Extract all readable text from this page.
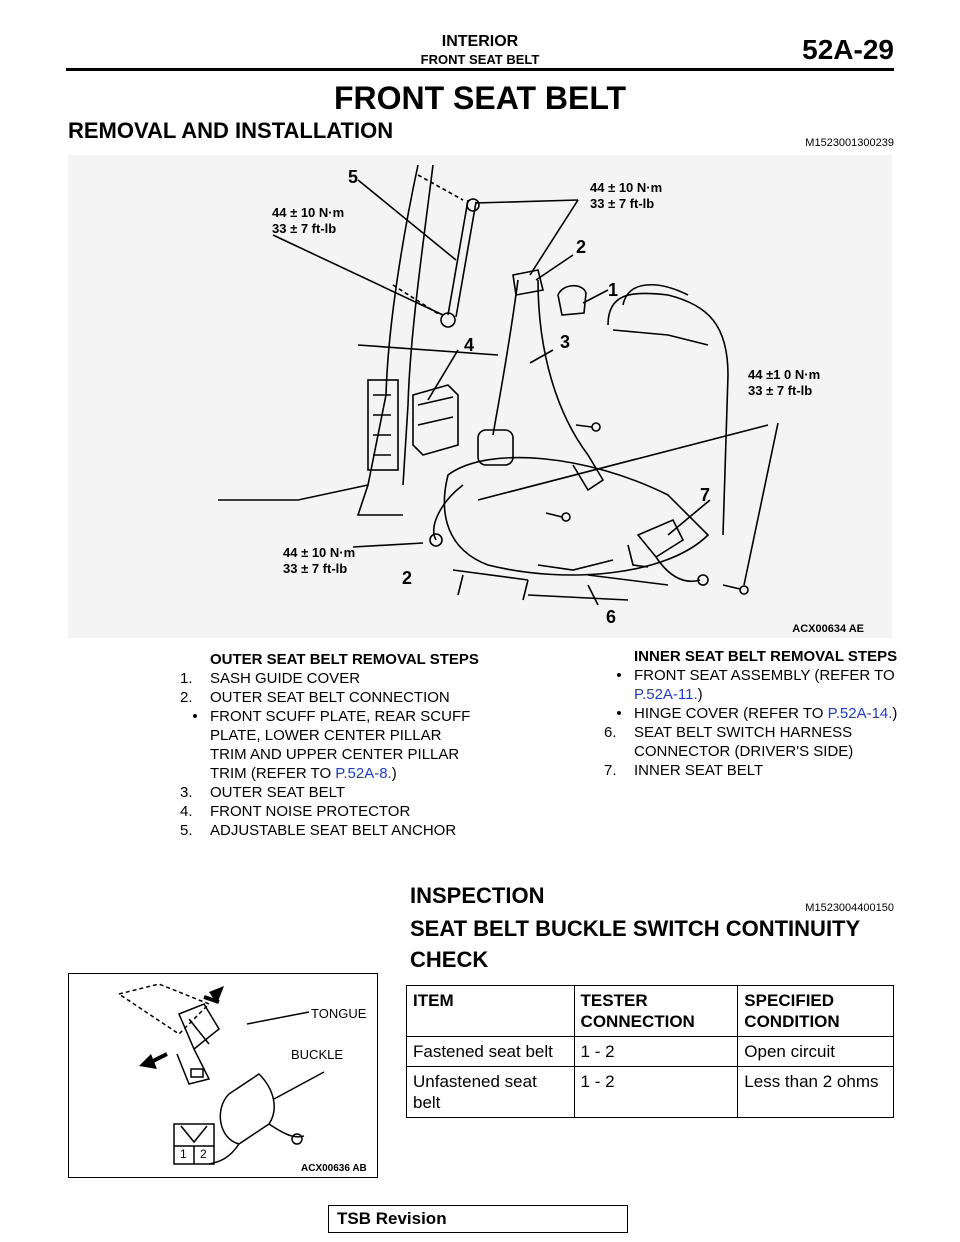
INTERIOR
FRONT SEAT BELT	52A-29
FRONT SEAT BELT
REMOVAL AND INSTALLATION	M1523001300239
44 ± 10 N·m
33 ± 7 ft-lb
44 ± 10 N·m
33 ± 7 ft-lb
44 ±1 0 N·m
33 ± 7 ft-lb
44 ± 10 N·m
33 ± 7 ft-lb
5
2
1
4	3
7
2
6
ACX00634 AE
OUTER SEAT BELT REMOVAL STEPS
1.	SASH GUIDE COVER
2.	OUTER SEAT BELT CONNECTION
• FRONT SCUFF PLATE, REAR SCUFF PLATE, LOWER CENTER PILLAR TRIM AND UPPER CENTER PILLAR TRIM (REFER TO P.52A-8.)
3.	OUTER SEAT BELT
4.	FRONT NOISE PROTECTOR
5.	ADJUSTABLE SEAT BELT ANCHOR
INNER SEAT BELT REMOVAL STEPS
• FRONT SEAT ASSEMBLY (REFER TO P.52A-11.)
• HINGE COVER (REFER TO P.52A-14.)
6.	SEAT BELT SWITCH HARNESS CONNECTOR (DRIVER'S SIDE)
7.	INNER SEAT BELT
INSPECTION	M1523004400150
SEAT BELT BUCKLE SWITCH CONTINUITY CHECK
TONGUE
BUCKLE
1 2
ACX00636 AB
ITEM	TESTER CONNECTION	SPECIFIED CONDITION
Fastened seat belt	1 - 2	Open circuit
Unfastened seat belt	1 - 2	Less than 2 ohms
TSB Revision
